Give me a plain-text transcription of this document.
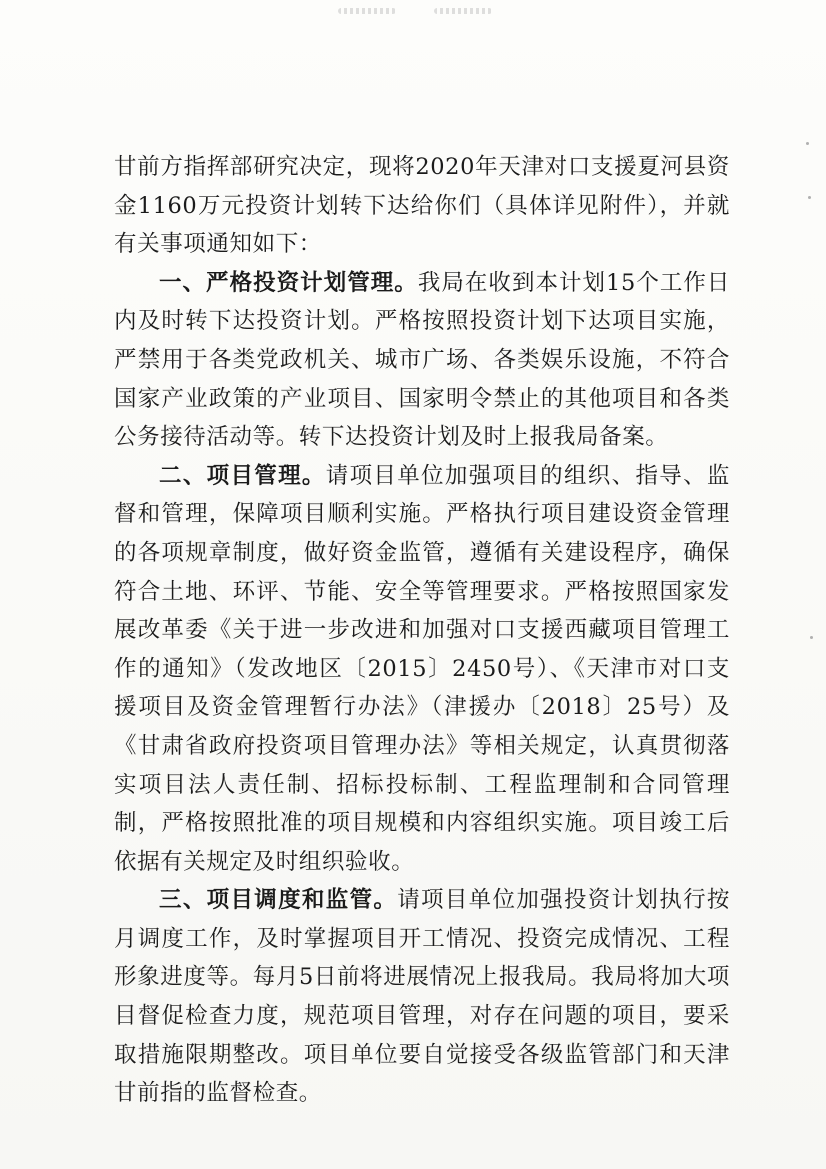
甘前方指挥部研究决定，现将2020年天津对口支援夏河县资金1160万元投资计划转下达给你们（具体详见附件），并就有关事项通知如下：

一、严格投资计划管理。我局在收到本计划15个工作日内及时转下达投资计划。严格按照投资计划下达项目实施，严禁用于各类党政机关、城市广场、各类娱乐设施，不符合国家产业政策的产业项目、国家明令禁止的其他项目和各类公务接待活动等。转下达投资计划及时上报我局备案。

二、项目管理。请项目单位加强项目的组织、指导、监督和管理，保障项目顺利实施。严格执行项目建设资金管理的各项规章制度，做好资金监管，遵循有关建设程序，确保符合土地、环评、节能、安全等管理要求。严格按照国家发展改革委《关于进一步改进和加强对口支援西藏项目管理工作的通知》（发改地区〔2015〕2450号）、《天津市对口支援项目及资金管理暂行办法》（津援办〔2018〕25号）及《甘肃省政府投资项目管理办法》等相关规定，认真贯彻落实项目法人责任制、招标投标制、工程监理制和合同管理制，严格按照批准的项目规模和内容组织实施。项目竣工后依据有关规定及时组织验收。

三、项目调度和监管。请项目单位加强投资计划执行按月调度工作，及时掌握项目开工情况、投资完成情况、工程形象进度等。每月5日前将进展情况上报我局。我局将加大项目督促检查力度，规范项目管理，对存在问题的项目，要采取措施限期整改。项目单位要自觉接受各级监管部门和天津甘前指的监督检查。
